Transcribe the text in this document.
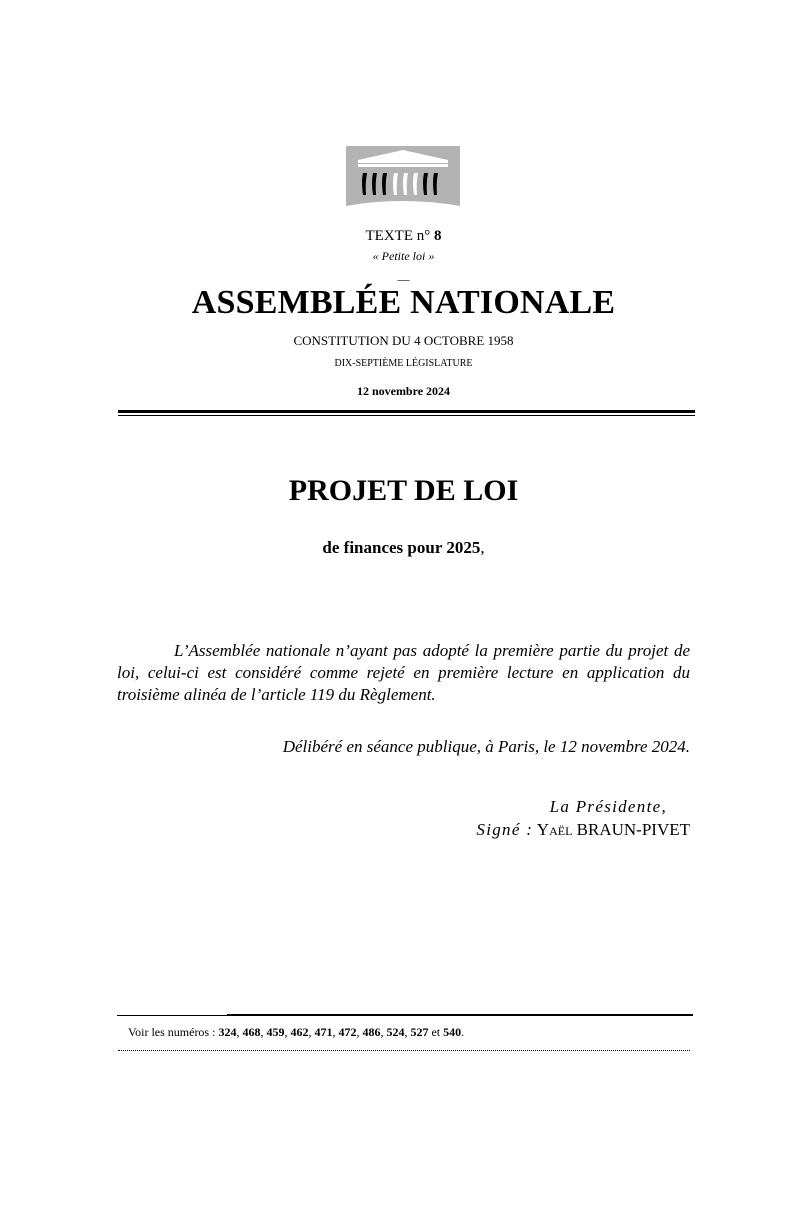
TEXTE n° 8
« Petite loi »
__
ASSEMBLÉE NATIONALE
CONSTITUTION DU 4 OCTOBRE 1958
DIX-SEPTIÈME LÉGISLATURE
12 novembre 2024
PROJET DE LOI
de finances pour 2025,
L’Assemblée nationale n’ayant pas adopté la première partie du projet de loi, celui-ci est considéré comme rejeté en première lecture en application du troisième alinéa de l’article 119 du Règlement.
Délibéré en séance publique, à Paris, le 12 novembre 2024.
La Présidente,
Signé : YAËL BRAUN-PIVET
Voir les numéros : 324, 468, 459, 462, 471, 472, 486, 524, 527 et 540.
